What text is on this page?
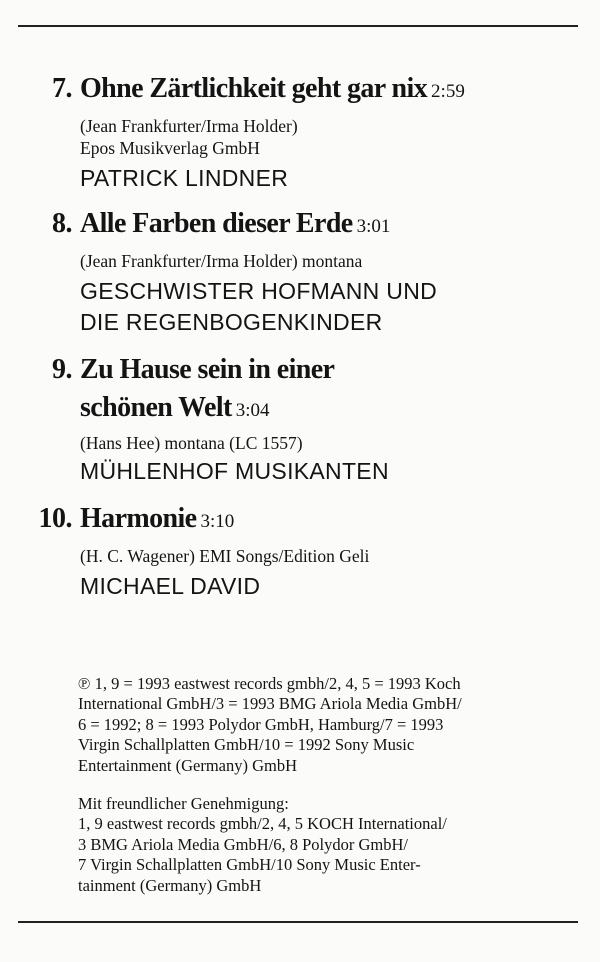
7. Ohne Zärtlichkeit geht gar nix 2:59
(Jean Frankfurter/Irma Holder)
Epos Musikverlag GmbH
PATRICK LINDNER
8. Alle Farben dieser Erde 3:01
(Jean Frankfurter/Irma Holder) montana
GESCHWISTER HOFMANN UND
DIE REGENBOGENKINDER
9. Zu Hause sein in einer
schönen Welt 3:04
(Hans Hee) montana (LC 1557)
MÜHLENHOF MUSIKANTEN
10. Harmonie 3:10
(H. C. Wagener) EMI Songs/Edition Geli
MICHAEL DAVID
℗ 1, 9 = 1993 eastwest records gmbh/2, 4, 5 = 1993 Koch
International GmbH/3 = 1993 BMG Ariola Media GmbH/
6 = 1992; 8 = 1993 Polydor GmbH, Hamburg/7 = 1993
Virgin Schallplatten GmbH/10 = 1992 Sony Music
Entertainment (Germany) GmbH
Mit freundlicher Genehmigung:
1, 9 eastwest records gmbh/2, 4, 5 KOCH International/
3 BMG Ariola Media GmbH/6, 8 Polydor GmbH/
7 Virgin Schallplatten GmbH/10 Sony Music Enter-
tainment (Germany) GmbH
